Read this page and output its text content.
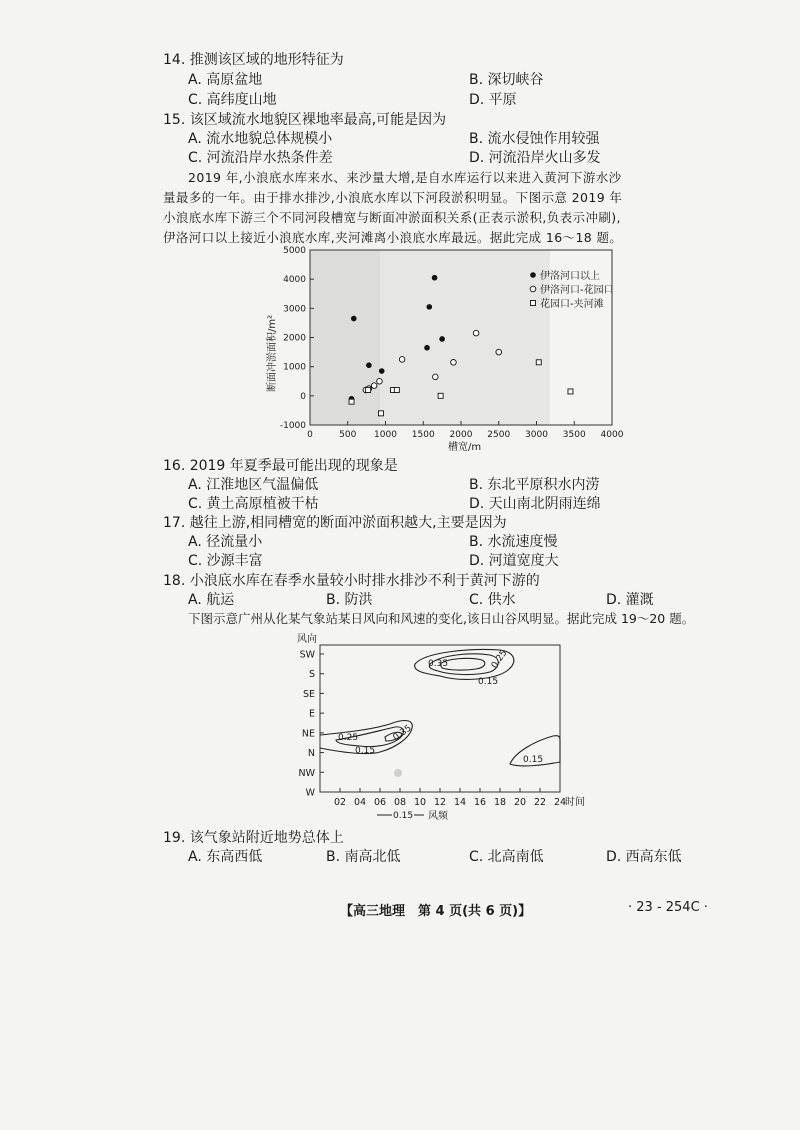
14. 推测该区域的地形特征为
A. 高原盆地	B. 深切峡谷
C. 高纬度山地	D. 平原
15. 该区域流水地貌区裸地率最高,可能是因为
A. 流水地貌总体规模小	B. 流水侵蚀作用较强
C. 河流沿岸水热条件差	D. 河流沿岸火山多发
2019 年,小浪底水库来水、来沙量大增,是自水库运行以来进入黄河下游水沙量最多的一年。由于排水排沙,小浪底水库以下河段淤积明显。下图示意 2019 年小浪底水库下游三个不同河段槽宽与断面冲淤面积关系(正表示淤积,负表示冲刷),伊洛河口以上接近小浪底水库,夹河滩离小浪底水库最远。据此完成 16～18 题。
0	500 1000 1500 2000 2500 3000 3500 4000
-1000
0
1000
2000
3000
4000
5000
伊洛河口以上
伊洛河口-花园口
花园口-夹河滩
槽宽/m
断面冲淤面积/m²
16. 2019 年夏季最可能出现的现象是
A. 江淮地区气温偏低	B. 东北平原积水内涝
C. 黄土高原植被干枯	D. 天山南北阴雨连绵
17. 越往上游,相同槽宽的断面冲淤面积越大,主要是因为
A. 径流量小	B. 水流速度慢
C. 沙源丰富	D. 河道宽度大
18. 小浪底水库在春季水量较小时排水排沙不利于黄河下游的
A. 航运	B. 防洪	C. 供水	D. 灌溉
下图示意广州从化某气象站某日风向和风速的变化,该日山谷风明显。据此完成 19～20 题。
风向
SW
S
SE
E
NE
N
NW
W
02 04 06 08 10 12 14 16 18 20 22 24
0.35	0.25
0.15
0.25	0.35
0.15
0.15
时间
0.15 风频
19. 该气象站附近地势总体上
A. 东高西低	B. 南高北低	C. 北高南低	D. 西高东低
【高三地理　第 4 页(共 6 页)】	· 23 - 254C ·
